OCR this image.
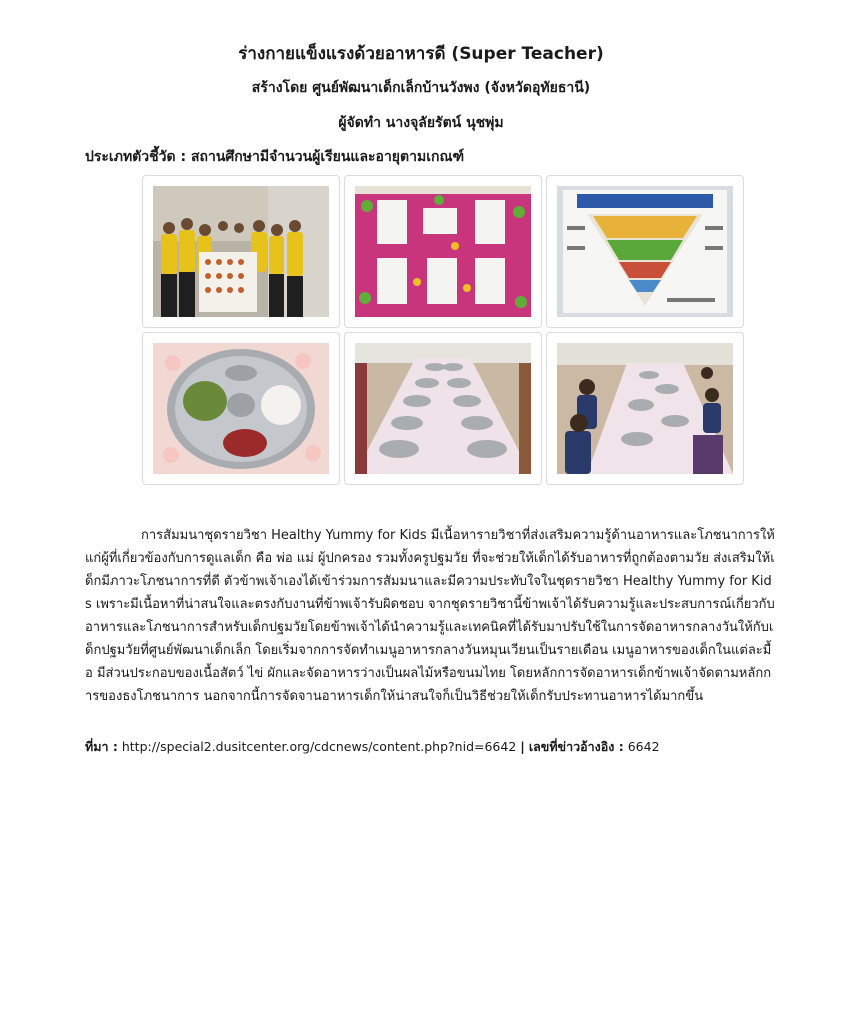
ร่างกายแข็งแรงด้วยอาหารดี (Super Teacher)
สร้างโดย ศูนย์พัฒนาเด็กเล็กบ้านวังพง (จังหวัดอุทัยธานี)
ผู้จัดทำ นางจุลัยรัตน์ นุชพุ่ม
ประเภทตัวชี้วัด : สถานศึกษามีจำนวนผู้เรียนและอายุตามเกณฑ์

การสัมมนาชุดรายวิชา Healthy Yummy for Kids มีเนื้อหารายวิชาที่ส่งเสริมความรู้ด้านอาหารและโภชนาการให้แก่ผู้ที่เกี่ยวข้องกับการดูแลเด็ก คือ พ่อ แม่ ผู้ปกครอง รวมทั้งครูปฐมวัย ที่จะช่วยให้เด็กได้รับอาหารที่ถูกต้องตามวัย ส่งเสริมให้เด็กมีภาวะโภชนาการที่ดี ตัวข้าพเจ้าเองได้เข้าร่วมการสัมมนาและมีความประทับใจในชุดรายวิชา Healthy Yummy for Kids เพราะมีเนื้อหาที่น่าสนใจและตรงกับงานที่ข้าพเจ้ารับผิดชอบ จากชุดรายวิชานี้ข้าพเจ้าได้รับความรู้และประสบการณ์เกี่ยวกับอาหารและโภชนาการสำหรับเด็กปฐมวัยโดยข้าพเจ้าได้นำความรู้และเทคนิคที่ได้รับมาปรับใช้ในการจัดอาหารกลางวันให้กับเด็กปฐมวัยที่ศูนย์พัฒนาเด็กเล็ก โดยเริ่มจากการจัดทำเมนูอาหารกลางวันหมุนเวียนเป็นรายเดือน เมนูอาหารของเด็กในแต่ละมื้อ มีส่วนประกอบของเนื้อสัตว์ ไข่ ผักและจัดอาหารว่างเป็นผลไม้หรือขนมไทย โดยหลักการจัดอาหารเด็กข้าพเจ้าจัดตามหลักการของธงโภชนาการ นอกจากนี้การจัดจานอาหารเด็กให้น่าสนใจก็เป็นวิธีช่วยให้เด็กรับประทานอาหารได้มากขึ้น

ที่มา : http://special2.dusitcenter.org/cdcnews/content.php?nid=6642 | เลขที่ข่าวอ้างอิง : 6642
